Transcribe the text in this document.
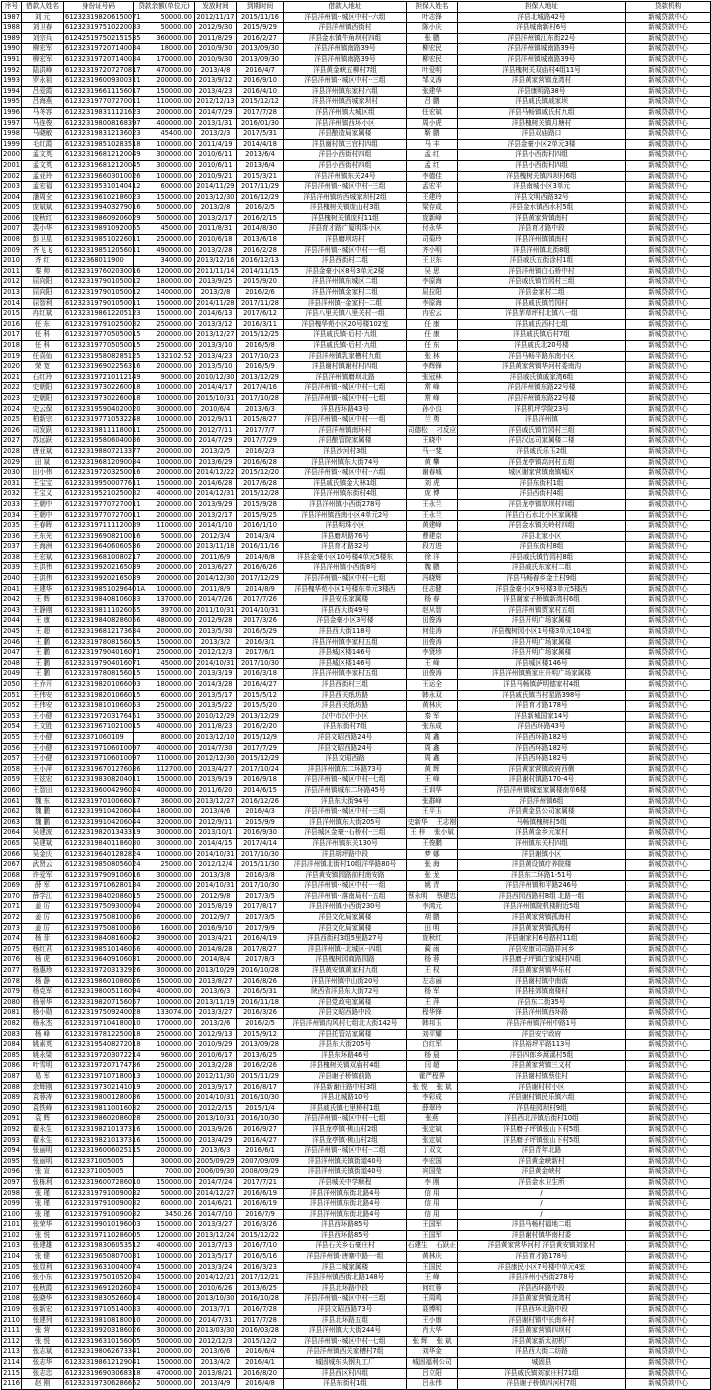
序号	借款人姓名	身份证号码	贷款余额(单位元)	发放时间	到期时间	借款人地址	担保人姓名	担保人地址	贷款机构
1987	刘 元	612323198206150071	50000.00	2012/11/17	2015/11/16	洋县洋州镇··城区中村··六组	叶志锋	洋县北城路42号	新城贷款中心
1988	刘卫春	612323197510220033	50000.00	2012/9/30	2015/9/29	洋县洋州镇西街村	陈小庆	洋县城南新村6号	新城贷款中心
1989	刘宗兵	612425197502151535	360000.00	2011/8/29	2016/2/27	洋县金水镇牛角坝村四组	张 鹏	洋县洋州镇江东街22号	新城贷款中心
1990	柳宏军	612323197207140034	18000.00	2010/9/30	2013/09/30	洋县洋州镇南路39号	柳宏民	洋县洋州镇城南路39号	新城贷款中心
1991	柳宏军	612323197207140034	170000.00	2010/9/30	2013/09/30	洋县洋州镇南路39号	柳宏民	洋县洋州镇城南路39号	新城贷款中心
1992	陆洪峰	612323197207270817	470000.00	2013/4/8	2016/4/7	洋县黄金峡五柳村7组	叶爱明	洋县槐树关双庙村4组11号	新城贷款中心
1993	罗永祖	612323196009300311	200000.00	2013/9/12	2016/9/10	洋县洋州镇··城区中村··三组	邹义涛	洋县黄家营镇龙湾村	新城贷款中心
1994	吕爱霞	612323196611156017	150000.00	2013/4/23	2016/4/10	洋县洋州镇东家村六组	张建华	洋县康明路38号	新城贷款中心
1995	吕海燕	612323197707270011	110000.00	2012/12/13	2015/12/12	洋县洋州镇西城家坝村	吕 鹏	洋县戚氏镇戚家坝	新城贷款中心
1996	马冬容	612323198311121623	200000.00	2014/7/29	2017/7/28	洋县洋州镇大城区组	任宏斌	洋县马畅镇戚氏村九组	新城贷款中心
1997	马连俊	612323198008168397	400000.00	2013/1/31	2016/01/30	洋县洋州镇西环小区	周小虎	洋县槐树关镇月塘村	新城贷款中心
1998	马晓敏	612323198312136023	45400.00	2013/2/3	2017/5/31	洋县酿造局家属楼	靳 鹏	洋县双庙路口	新城贷款中心
1999	毛红霞	612323198510283518	100000.00	2011/4/19	2014/4/18	洋县谢村镇三官村四组	马 丰	洋县金豪小区2单元3楼	新城贷款中心
2000	孟文英	612323196812120049	300000.00	2010/6/11	2013/6/4	洋县小西街村四组	孟 红	洋县小西街村四组	新城贷款中心
2001	孟文英	612323196812120045	300000.00	2010/6/11	2013/6/4	洋县小西街村四组	孟 红	洋县小西街村四组	新城贷款中心
2002	孟亚玲	612323196603010026	100000.00	2010/9/21	2015/3/21	洋县洋州镇东关24号	李德佳	洋县槐树关镇四坝村6组	新城贷款中心
2003	孟宏福	612323195310140412	60000.00	2014/11/29	2017/11/29	洋县洋州镇··城区中村··三组	孟宏平	洋县南城小区3单元	新城贷款中心
2004	潘周全	612323196102186023	150000.00	2013/12/30	2016/12/29	洋县洋州镇坊西城家坝村2组	王建玲	洋县文明西路32号	新城贷款中心
2005	庞斌斌	612323199403279016	500000.00	2013/2/8	2016/2/5	洋县槐树关镇庞山村3组	梁存成	洋县金水镇西水村5组	新城贷款中心
2006	庞秋红	612323198609206029	500000.00	2013/2/17	2016/2/15	洋县槐树关镇庞村11组	庞新峰	洋县黄家营镇南村	新城贷款中心
2007	裴小华	612323198910920055	45000.00	2011/8/31	2014/8/30	洋县育才路广厦明珠小区	付永华	洋县育才路中段	新城贷款中心
2008	彭卫星	612323198510226011	250000.00	2010/6/18	2013/6/18	洋县磨坝坊村	司菊玲	洋县洋州镇镇南村	新城贷款中心
2009	齐飞飞	612323198512056011	490000.00	2013/2/28	2016/2/28	洋县洋州镇··城区中村··一组	齐小明	洋县洋州镇北街8组	新城贷款中心
2010	齐 红	61232368011900	34000.00	2013/12/16	2016/12/13	洋县西街村二组	王卫东	洋县戚氏五街涂村1组	新城贷款中心
2011	秦 帅	612323197602030016	120000.00	2011/11/14	2014/11/15	洋县金豪小区8号3单元2楼	吴 思	洋县洋州镇白石桥中村	新城贷款中心
2012	屈向阳	612323197901050012	180000.00	2013/9/25	2015/9/20	洋县洋州镇东城区二组	李原海	洋县戚氏镇竹园村三组	新城贷款中心
2013	屈向阳	612323197901050012	140000.00	2013/2/8	2016/2/6	洋县洋州镇金家村二组	屈拉阳	洋县金家村二组	新城贷款中心
2014	屈智利	612323197901050011	150000.00	2014/11/28	2017/11/28	洋县洋州镇··金家村··二组	李原海	洋县戚氏镇竹园村	新城贷款中心
2015	冉红斌	612323198612205123	150000.00	2014/6/13	2017/6/12	洋县八里关镇八里关村一组	冉宏云	洋县茅草坪村北镇八一组	新城贷款中心
2016	任 东	612323197910250032	250000.00	2013/3/12	2016/3/11	洋县槐华苑小区20号楼102室	任 康	洋县戚氏西村七组	新城贷款中心
2017	任 科	612323197705050015	200000.00	2013/12/27	2015/12/25	洋县戚氏镇·后村·九组	任 康	洋县戚氏镇后村7组	新城贷款中心
2018	任 科	612323197705050015	250000.00	2013/3/10	2016/5/8	洋县戚氏镇·后村·九组	任 东	洋县戚氏北20号楼	新城贷款中心
2019	任喜仙	612323195808285125	132102.52	2013/4/23	2017/10/23	洋县洋州镇乳家槽村九组	张 林	洋县马畅平路东南小区	新城贷款中心
2020	荣 宽	612323196902256316	200000.00	2013/5/10	2016/5/9	洋县谢村镇谢村村四组	李辉锋	洋县黄家营镇华河村委南沟	新城贷款中心
2021	石红玲	612323197210112149	90000.00	2010/12/30	2013/12/29	洋县洋州镇磨坝北路	张冠林	洋县戚氏镇戚家湾6组	新城贷款中心
2022	史朝阳	612323197302260018	100000.00	2014/4/17	2017/4/16	洋县洋州镇··城区中村··七组	常 峰	洋县洋州镇东路22号楼	新城贷款中心
2023	史朝阳	612323197302260018	100000.00	2015/10/31	2017/10/28	洋县洋州镇··城区中村··七组	常 峰	洋县洋州镇东路22号楼	新城贷款中心
2024	史云保	612323195904020020	300000.00	2010/6/4	2013/6/3	洋县西环路43号	孙小良	洋县机坪学院23号	新城贷款中心
2025	柏新宗	612323197710532248	100000.00	2012/9/11	2015/8/27	洋县洋州镇··城区中村··一组	兰 勇	洋县洋州镇	新城贷款中心
2026	司发跃	612323198111180011	250000.00	2012/7/11	2017/7/7	洋县洋州镇南环村	司德松 　刁反应	洋县戚氏镇竹园村三组	新城贷款中心
2027	苏远跃	612323195806040036	300000.00	2014/7/29	2017/7/29	洋县酿管院家属楼	王晓中	洋县汉远司家属楼二楼	新城贷款中心
2028	唐亚斌	612323198807213377	200000.00	2013/2/5	2016/2/3	洋县沙河村3组	马一斐	洋县戚氏乐玉2组	新城贷款中心
2029	田 斌	612323196812090034	100000.00	2013/6/29	2016/6/28	洋县洋州镇东大街74号	黄 攀	洋县龙亭镇高河村五组	新城贷款中心
2030	田小伟	612323197203250016	200000.00	2014/12/22	2015/12/20	洋县洋州镇··城区中村··六组	谢春城	城区谢家营镇南镇城区	新城贷款中心
2031	王宝宝	612323199500077611	150000.00	2014/6/28	2017/6/28	洋县戚氏镇金大林1组	刘 虎	洋县东街村1组	新城贷款中心
2032	王宝义	612323195210250032	400000.00	2014/12/31	2015/12/28	洋县洋州镇东街村4组	庞 博	洋县西街村4组	新城贷款中心
2033	王朝中	612323197707270011	200000.00	2013/9/29	2015/9/28	洋县洋州镇小西街278号	王永兰	洋县龙亭镇草坝村四组	新城贷款中心
2034	王朝中	612323197707270011	200000.00	2013/2/17	2015/9/25	洋县洋州镇西南小区4单元2号	王永兰	洋县白石水北小区家属楼	新城贷款中心
2035	王春晖	612323197111120039	110000.00	2014/1/10	2016/1/10	洋县明珠小区	黄建峰	洋县金水镇关岭村四组	新城贷款中心
2036	王东光	612323196908210016	50000.00	2012/3/4	2014/3/4	洋县磨坝路76号	曹建京	洋县北家小区	新城贷款中心
2037	王海洲	612323196406060536	200000.00	2013/11/18	2016/11/16	洋县育才路32号	段万进	洋县东街村8组	新城贷款中心
2038	王宏斌	612323196810080217	200000.00	2011/6/9	2014/6/8	洋县金豪小区10号楼4单元5楼东	徐 洋	洋县戚氏镇竹园村8组	新城贷款中心
2039	王洪伟	612323199202165039	200000.00	2013/6/27	2016/6/26	洋县洋州镇小西街8号	魏 鹏	洋县戚氏东家村二组	新城贷款中心
2040	王洪伟	612323199202165039	200000.00	2014/12/30	2017/12/29	洋县洋州镇··城区中村··七组	冯晓辉	洋县马畅春乡金土村9组	新城贷款中心
2041	王建华	612323198510296401A	100000.00	2011/8/9	2014/8/9	洋县槐华苑小区1号楼东单元3楼西	任志健	洋县金豪小区9号楼3单元5楼西	新城贷款中心
2042	王 辉	612323198408106033	137000.00	2014/7/26	2017/7/26	洋县安乐家属楼	杨 春	洋县谢家子桥镇新湾村6组	新城贷款中心
2043	王静刚	612323198111026055	39700.00	2011/10/31	2014/10/31	洋县西大街49号	赵从智	洋县洋州镇贾家村五组	新城贷款中心
2044	王 康	612323198408286056	480000.00	2012/9/28	2017/3/26	洋县金豪小区3号楼	田俊涛	洋县开明广场家属楼	新城贷款中心
2045	王 超	612323196812173634	200000.00	2013/5/30	2016/5/29	洋县西大街118号	何佳涛	洋县槐树园小区1号楼3单元104室	新城贷款中心
2046	王 鹏	612323197808156015	150000.00	2013/3/2	2016/3/1	洋县洋州镇李家村五组	田俊涛	洋县开明广场家属楼	新城贷款中心
2047	王 鹏	612323197904016071	250000.00	2012/12/3	2017/6/1	洋县城区楼146号	李贤珍	洋县开明广场家属楼	新城贷款中心
2048	王 鹏	612323197904016071	45000.00	2014/10/31	2017/10/30	洋县城区楼146号	王 峰	洋县城区楼146号	新城贷款中心
2049	王 鹏	612323197808156015	150000.00	2013/3/19	2016/3/18	洋县洋州镇李家村五组	田俊涛	洋县洋州镇熊家庄开明广场家属楼	新城贷款中心
2050	王乔开	612323198201066093	180000.00	2014/3/28	2016/4/27	洋县西街村三组	王运全	洋县马畅镇萨明德家村4组	新城贷款中心
2051	王伟安	612323198201066015	60000.00	2013/5/17	2015/5/12	洋县西关纸坊路	韩永双	洋县戚氏镇当村星路398号	新城贷款中心
2052	王伟安	612323198101066053	250000.00	2013/5/22	2015/5/20	洋县西关纸坊路	黄林庆	洋县育才路178号	新城贷款中心
2053	王小健	612323197203176451	350000.00	2010/12/29	2013/12/29	汉中市汉中小区	秦 军	洋县新城国家14号	新城贷款中心
2054	王文胜	612323196710210015	400000.00	2011/8/23	2016/2/20	洋县东街村7组	张东成	洋县西环路43号	新城贷款中心
2055	王小健	61232371060109	80000.00	2013/12/10	2015/12/9	洋县文昭西路24号	周 鑫	洋县西环路182号	新城贷款中心
2056	王小健	612323197106010097	400000.00	2014/7/30	2017/7/29	洋县文昭西路24号	周 鑫	洋县西环路182号	新城贷款中心
2057	王小健	612323197106010097	110000.00	2012/12/30	2015/12/29	洋县文昭西路	周 鑫	洋县西环路182号	新城贷款中心
2058	王小萍	612323196701276036	112700.00	2013/4/27	2017/10/24	洋县洋州镇东二环路73号	黄 辉	洋县黄家营镇政府西侧	新城贷款中心
2059	王铉宏	612323198308204011	150000.00	2013/9/19	2016/9/18	洋县洋州镇··城区中村··七组	王 峰	洋县谢村镇路170-4号	新城贷款中心
2060	王智田	612323196004296024	400000.00	2011/6/20	2014/6/15	洋县洋州镇城东二环路45号	王训华	洋县洋州镇城室家属楼南单6楼	新城贷款中心
2061	魏 东	612323197010066017	36000.00	2013/12/27	2016/12/26	洋县东大街94号	张群峰	洋县洋州镇6组	新城贷款中心
2062	魏 鹏	612323199104206044	180000.00	2013/4/6	2016/4/3	洋县洋州镇··城区中村··三组	王平玉	洋县黄金县公司家属楼	新城贷款中心
2063	魏 鹏	612323199104206044	320000.00	2012/9/11	2015/9/9	洋县洋州镇东大街205号	史新华 　王志刚	马畅镇槐树村5组	新城贷款中心
2064	吴建波	612323198201343319	300000.00	2013/10/1	2016/9/30	洋县城区金豪··石桥村··三组	王 梓 　张小斌	洋县黄金乡元家村	新城贷款中心
2065	吴建斌	612323198401186030	300000.00	2014/4/15	2017/4/14	洋县洋州镇东关130号	王俊鹏	洋州镇东关村四组	新城贷款中心
2066	吴金庆	612323196401282824	100000.00	2014/10/31	2017/10/30	洋县胡坪路中段	梦 娜	洋县谢镇小区	新城贷款中心
2067	武贤云	612323198508056024	25000.00	2012/12/4	2015/11/30	洋县洋州镇北街村10组洋华路80号	张 海	洋县黄设镇疗养院楼	新城贷款中心
2068	许爱军	612323197909106016	300000.00	2013/3/8	2016/3/8	洋县黄安镇园路前村南安路	张 龙	洋县东二环路1-51号	新城贷款中心
2069	薛 军	612323197106280134	200000.00	2014/10/31	2017/10/30	洋县洋州镇··城区中村··一组	姚 青	洋县洋州镇和平路246号	新城贷款中心
2070	薛学江	612323198402086015	250000.00	2012/9/8	2017/3/5	洋县洋州镇··落南局村··五组	蔡永明 　蔡建忠	洋县西园西路村8组 北路一组	新城贷款中心
2071	姜 厉	612323197509300094	200000.00	2015/8/19	2017/8/17	洋县洋州镇小西街230号	李鸿元	洋县洋州镇院机楼附近5组	新城贷款中心
2072	姜 厉	612323197508100036	200000.00	2012/9/7	2017/3/5	洋县文化局家属楼	胡 鹏	洋县黄家营镇孤海村	新城贷款中心
2073	姜 厉	612323197508100036	16000.00	2016/9/10	2017/9/9	洋县文化局家属楼	田 明	洋县黄家营镇孤海村	新城贷款中心
2074	杨 菲	612323198408160042	390000.00	2013/4/21	2016/4/19	洋县西街村3组5里路27号	庞秋红	洋县谢家村6号路村11组	新城贷款中心
2075	杨红君	612323198510146056	400000.00	2014/8/28	2017/8/27	洋县洋州镇··北城区··四组	蔺 雨	洋县安康司司路祥河乡	新城贷款中心
2076	杨 虎	612323196409106031	200000.00	2014/8/4	2017/8/3	洋县槐树园商路园路	杨 蓉	洋县磨子坪镇白家城村四组	新城贷款中心
2077	杨惠珍	612323197203132926	300000.00	2013/10/29	2016/10/28	洋县黄安镇黄家村九组	王 权	洋县黄家营镇华乐村	新城贷款中心
2078	杨 静	612323198601086026	150000.00	2013/8/27	2016/8/26	洋县洋州镇中山街20号	左志丽	洋县谢村镇中南街	新城贷款中心
2079	杨克军	612323198005116094	400000.00	2013/6/3	2016/5/31	陕西省洋县东大街72号	杨 军	洋县桂郊镇南楼村	新城贷款中心
2080	杨景华	612323198207156057	100000.00	2013/11/19	2016/11/18	洋县党政电家属楼	王 萍	洋县东二街35号	新城贷款中心
2081	杨小勋	612323197509240028	133074.00	2013/3/27	2016/3/26	洋县文昭西路中段	程华锋	洋县洋州镇西环路	新城贷款中心
2082	杨永杰	612323197104180010	170000.00	2013/2/6	2016/2/5	洋县洋州镇沟风村七组北大街142号	韩邦玉	洋县洋州镇洋州中路1号	新城贷款中心
2083	杨 峰	612323197812250018	250000.00	2012/9/13	2015/9/12	洋县托管站家属楼	刘平耀	洋县安宁政府	新城贷款中心
2084	姚素英	612323195408272018	100000.00	2010/9/29	2013/09/28	洋县东大街205号	白红军	洋县裕坪平路113号	新城贷款中心
2085	姚永梁	612323197203072214	96000.00	2010/6/17	2013/6/25	洋县东环路46号	杨 晨	洋县四郎乡蒿溪村5组	新城贷款中心
2086	叶雪明	612323197207174736	250000.00	2013/2/28	2016/2/26	洋县槐树关镇双庙村4组	闫 超	洋县黄家营镇三义村	新城贷款中心
2087	易 军	612323197107180013	100000.00	2012/11/30	2015/11/29	洋县谢子桥镇前路	霍严程界	洋县谢村镇蔡佳村	新城贷款中心
2088	余辉刚	612323197302141019	200000.00	2013/9/17	2016/8/17	洋县新谢庄路中村3组	张 悦 　张 斌	洋县谢村村小区	新城贷款中心
2089	袁蓉涛	612323198001280036	150000.00	2014/10/31	2016/10/30	洋县北城路10号	李彩成	洋县谢村镇民乐镇六组	新城贷款中心
2090	袁铁峰	612323198110016032	250000.00	2012/2/15	2015/1/4	洋县戚氏镇七里桥村1组	薛翠玲	洋县桂园坝村9组	新城贷款中心
2091	袁 辉	612323198602086028	250000.00	2013/10/31	2016/10/30	洋县洋州镇··城区中村··七组	张燕	洋县西北洋镇后街村10组	新城贷款中心
2092	翟永生	612323198210137316	150000.00	2013/9/26	2016/9/27	洋县龙亭镇·桃山村2组	张定斌	洋县磨子坪镇张山下村5组	新城贷款中心
2093	翟永生	612323198210137316	150000.00	2013/4/29	2016/4/27	洋县龙亭镇·桃山村2组	张定斌	洋县磨子坪镇张山下村5组	新城贷款中心
2094	张丽明	612323196006025115	200000.00	2013/6/3	2016/6/1	洋县洋州镇··城区中村··二组	丁双文	洋县青年北路	新城贷款中心
2095	张丽明	61232371005005	30000.00	2005/09/29	2007/09/09	洋县洋州镇关镇街道40号	李宏国	洋县黄金峡新村	新城贷款中心
2096	张 宣	61232371005005	7000.00	2006/09/30	2008/09/29	洋县洋州镇关镇街道40号	宾国莹	洋县黄金峡村	新城贷款中心
2097	张栋利	612323196007286010	150000.00	2014/7/24	2017/7/21	洋县城关中学顺程	李 刚	洋县金水卫生所	新城贷款中心
2098	张 瑾	612323197910090032	50000.00	2014/12/27	2016/6/19	洋县洋州镇东街北路4号	信 用	/	新城贷款中心
2099	张 瑾	612323197910090032	60000.00	2014/6/21	2016/6/19	洋县洋州镇东街北路4号	信 用	/	新城贷款中心
2100	张 瑾	612323197910090032	3450.26	2014/7/10	2016/7/9	洋县洋州镇东街北路4号	信 用	/	新城贷款中心
2101	张荣华	612323199010196003	150000.00	2013/3/27	2016/3/26	洋县西环路85号	王国军	洋县马畅村福地二组	新城贷款中心
2102	张 悦	612323197110286005	120000.00	2013/12/24	2015/12/22	洋县西环路85号	王国军	洋县谢村镇华南村委	新城贷款中心
2103	张建雄	612323198306053512	400000.00	2013/7/13	2016/7/10	洋县石关乡石豪庄村	石建生 　石跃正	洋县黄家营华河村 洋县黄安镇刘家村	新城贷款中心
2104	张 健	612323196508070031	100000.00	2013/5/17	2016/5/16	洋县洋州镇·唐寨中路·一组	黄林庆	洋县育才路178号	新城贷款中心
2105	张显利	612323196310040074	150000.00	2013/3/24	2016/3/23	洋县二城家属楼	王国民	洋县康民小区7号楼中单元4室	新城贷款中心
2106	张小东	612323197501052034	150000.00	2014/12/21	2017/12/21	洋县洋州镇西街北路148号	王 峰	洋县洋州小西街278号	新城贷款中心
2107	张秋霞	612323196912026024	150000.00	2010/6/26	2013/6/25	洋县北环路中段	何红蓉	洋县西环路中段	新城贷款中心
2108	张晓华	612323198305266014	180000.00	2013/10/30	2016/10/28	洋县洋州镇··城区中村··三组	王周鸣	洋县黄家营镇龙湾村	新城贷款中心
2109	张新宏	612323197105140033	400000.00	2013/7/1	2016/7/28	洋县文昭西路73号	聂博明	洋县西环北路中段	新城贷款中心
2110	张建列	612323198108180010	200000.00	2014/7/31	2017/7/28	洋县北环路五组	王小康	洋县谢村镇中长南乡村	新城贷款中心
2111	张 营	612323199203186026	300000.00	2013/03/30	2016/03/28	洋县洋州镇大大街244号	肖大华	洋县黄家营镇四坝村	新城贷款中心
2112	张 悦	612323196310156005	500000.00	2012/12/3	2015/12/2	洋县洋州镇··城区中村··七组	张 辉 　张 斌	洋县黄家新太初机厂	新城贷款中心
2113	张志斌	612323198062673341	200000.00	2013/6/6	2016/6/4	洋县洋州镇西关家槽村7组	刘华金	洋县西大街二纺路	新城贷款中心
2114	张志华	612323198612129041	150000.00	2013/4/2	2016/4/1	城固城东头钢丸工厂	城固福利公司	城固县	新城贷款中心
2115	张志忠	612323196903068318	470000.00	2013/8/21	2016/8/20	洋县西区村四组	吕立阳	洋县戚氏镇刘家庄村71组	新城贷款中心
2116	赵 刚	612323197306286652	500000.00	2013/4/9	2016/4/8	洋县东街村1组	吕永伟	洋县谢子桥镇四河村7组	新城贷款中心
